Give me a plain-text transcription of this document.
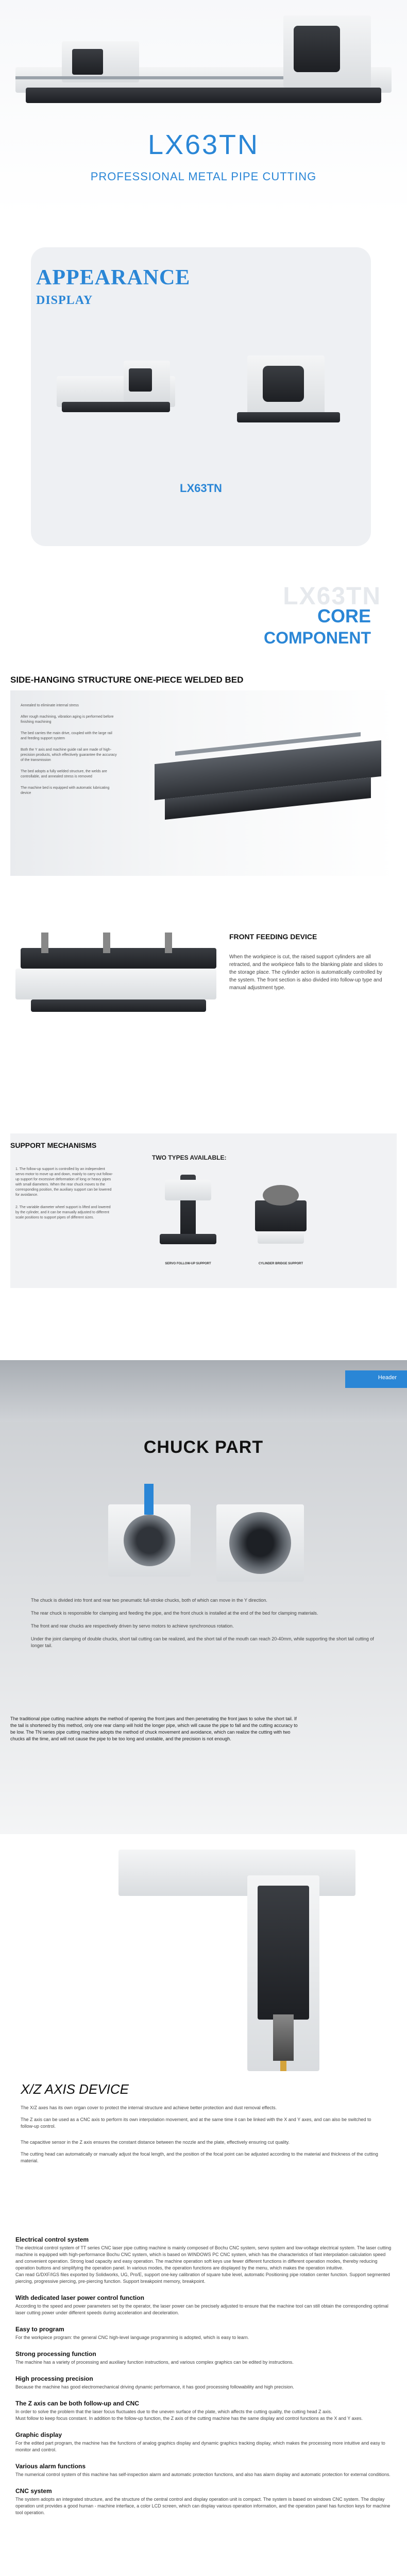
LX63TN
PROFESSIONAL METAL PIPE CUTTING
APPEARANCE
DISPLAY
LX63TN
LX63TN
CORE
COMPONENT
SIDE-HANGING STRUCTURE ONE-PIECE WELDED BED

Annealed to eliminate internal stress

After rough machining, vibration aging is performed before finishing machining

The bed carries the main drive, coupled with the large rail and feeding support system

Both the Y axis and machine guide rail are made of high-precision products, which effectively guarantee the accuracy of the transmission

The bed adopts a fully welded structure, the welds are controllable, and annealed stress is removed

The machine bed is equipped with automatic lubricating device

FRONT FEEDING DEVICE
When the workpiece is cut, the raised support cylinders are all retracted, and the workpiece falls to the blanking plate and slides to the storage place. The cylinder action is automatically controlled by the system. The front section is also divided into follow-up type and manual adjustment type.
SUPPORT MECHANISMS

1. The follow-up support is controlled by an independent servo motor to move up and down, mainly to carry out follow-up support for excessive deformation of long or heavy pipes with small diameters. When the rear chuck moves to the corresponding position, the auxiliary support can be lowered for avoidance.

2. The variable diameter wheel support is lifted and lowered by the cylinder, and it can be manually adjusted to different scale positions to support pipes of different sizes.

TWO TYPES AVAILABLE:
SERVO FOLLOW-UP SUPPORT	CYLINDER BRIDGE SUPPORT
Header
CHUCK PART

The chuck is divided into front and rear two pneumatic full-stroke chucks, both of which can move in the Y direction.

The rear chuck is responsible for clamping and feeding the pipe, and the front chuck is installed at the end of the bed for clamping materials.

The front and rear chucks are respectively driven by servo motors to achieve synchronous rotation.

Under the joint clamping of double chucks, short tail cutting can be realized, and the short tail of the mouth can reach 20-40mm, while supporting the short tail cutting of longer tail.

The traditional pipe cutting machine adopts the method of opening the front jaws and then penetrating the front jaws to solve the short tail. If the tail is shortened by this method, only one rear clamp will hold the longer pipe, which will cause the pipe to fall and the cutting accuracy to be low. The TN series pipe cutting machine adopts the method of chuck movement and avoidance, which can realize the cutting with two chucks all the time, and will not cause the pipe to be too long and unstable, and the precision is not enough.
X/Z AXIS DEVICE

The X/Z axes has its own organ cover to protect the internal structure and achieve better protection and dust removal effects.

The Z axis can be used as a CNC axis to perform its own interpolation movement, and at the same time it can be linked with the X and Y axes, and can also be switched to follow-up control.

The capacitive sensor in the Z axis ensures the constant distance between the nozzle and the plate, effectively ensuring cut quality.

The cutting head can automatically or manually adjust the focal length, and the position of the focal point can be adjusted according to the material and thickness of the cutting material.

Electrical control system
The electrical control system of TT series CNC laser pipe cutting machine is mainly composed of Bochu CNC system, servo system and low-voltage electrical system. The laser cutting machine is equipped with high-performance Bochu CNC system, which is based on WINDOWS PC CNC system, which has the characteristics of fast interpolation calculation speed and convenient operation. Strong load capacity and easy operation. The machine operation soft keys use fewer different functions in different operation modes, thereby reducing operation buttons and simplifying the operation panel. In various modes, the operation functions are displayed by the menu, which makes the operation intuitive.
Can read G/DXF/IGS files exported by Solidworks, UG, Pro/E, support one-key calibration of square tube level, automatic Positioning pipe rotation center function. Support segmented piercing, progressive piercing, pre-piercing function. Support breakpoint memory, breakpoint.
With dedicated laser power control function
According to the speed and power parameters set by the operator, the laser power can be precisely adjusted to ensure that the machine tool can still obtain the corresponding optimal laser cutting power under different speeds during acceleration and deceleration.
Easy to program
For the workpiece program: the general CNC high-level language programming is adopted, which is easy to learn.
Strong processing function
The machine has a variety of processing and auxiliary function instructions, and various complex graphics can be edited by instructions.
High processing precision
Because the machine has good electromechanical driving dynamic performance, it has good processing followability and high precision.
The Z axis can be both follow-up and CNC
In order to solve the problem that the laser focus fluctuates due to the uneven surface of the plate, which affects the cutting quality, the cutting head Z axis.
Must follow to keep focus constant. In addition to the follow-up function, the Z axis of the cutting machine has the same display and control functions as the X and Y axes.
Graphic display
For the edited part program, the machine has the functions of analog graphics display and dynamic graphics tracking display, which makes the processing more intuitive and easy to monitor and control.
Various alarm functions
The numerical control system of this machine has self-inspection alarm and automatic protection functions, and also has alarm display and automatic protection for external conditions.
CNC system
The system adopts an integrated structure, and the structure of the central control and display operation unit is compact. The system is based on windows CNC system. The display operation unit provides a good human - machine interface, a color LCD screen, which can display various operation information, and the operation panel has function keys for machine tool operation.
